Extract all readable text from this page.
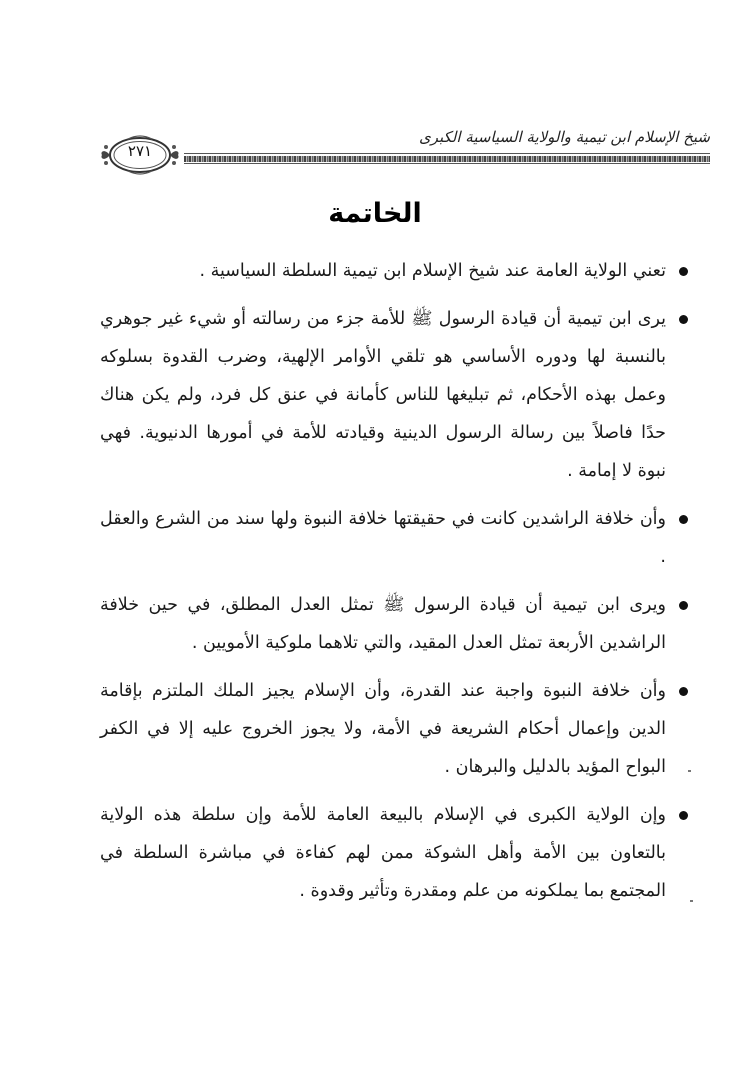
شيخ الإسلام ابن تيمية والولاية السياسية الكبرى
٢٧١
الخاتمة

تعني الولاية العامة عند شيخ الإسلام ابن تيمية السلطة السياسية .

يرى ابن تيمية أن قيادة الرسول ﷺ للأمة جزء من رسالته أو شيء غير جوهري بالنسبة لها ودوره الأساسي هو تلقي الأوامر الإلهية، وضرب القدوة بسلوكه وعمل بهذه الأحكام، ثم تبليغها للناس كأمانة في عنق كل فرد، ولم يكن هناك حدًا فاصلاً بين رسالة الرسول الدينية وقيادته للأمة في أمورها الدنيوية. فهي نبوة لا إمامة .

وأن خلافة الراشدين كانت في حقيقتها خلافة النبوة ولها سند من الشرع والعقل .

ويرى ابن تيمية أن قيادة الرسول ﷺ تمثل العدل المطلق، في حين خلافة الراشدين الأربعة تمثل العدل المقيد، والتي تلاهما ملوكية الأمويين .

وأن خلافة النبوة واجبة عند القدرة، وأن الإسلام يجيز الملك الملتزم بإقامة الدين وإعمال أحكام الشريعة في الأمة، ولا يجوز الخروج عليه إلا في الكفر البواح المؤيد بالدليل والبرهان .

وإن الولاية الكبرى في الإسلام بالبيعة العامة للأمة وإن سلطة هذه الولاية بالتعاون بين الأمة وأهل الشوكة ممن لهم كفاءة في مباشرة السلطة في المجتمع بما يملكونه من علم ومقدرة وتأثير وقدوة .
